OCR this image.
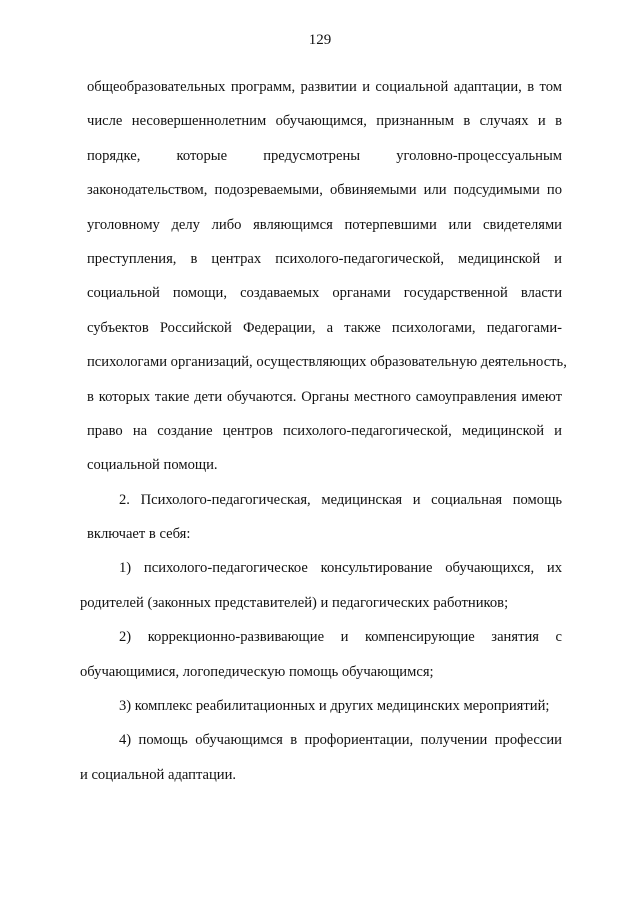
129
общеобразовательных программ, развитии и социальной адаптации, в том
числе несовершеннолетним обучающимся, признанным в случаях и в
порядке, которые предусмотрены уголовно-процессуальным
законодательством, подозреваемыми, обвиняемыми или подсудимыми по
уголовному делу либо являющимся потерпевшими или свидетелями
преступления, в центрах психолого-педагогической, медицинской и
социальной помощи, создаваемых органами государственной власти
субъектов Российской Федерации, а также психологами, педагогами-
психологами организаций, осуществляющих образовательную деятельность,
в которых такие дети обучаются. Органы местного самоуправления имеют
право на создание центров психолого-педагогической, медицинской и
социальной помощи.
2. Психолого-педагогическая, медицинская и социальная помощь
включает в себя:
1) психолого-педагогическое консультирование обучающихся, их
родителей (законных представителей) и педагогических работников;
2) коррекционно-развивающие и компенсирующие занятия с
обучающимися, логопедическую помощь обучающимся;
3) комплекс реабилитационных и других медицинских мероприятий;
4) помощь обучающимся в профориентации, получении профессии
и социальной адаптации.
